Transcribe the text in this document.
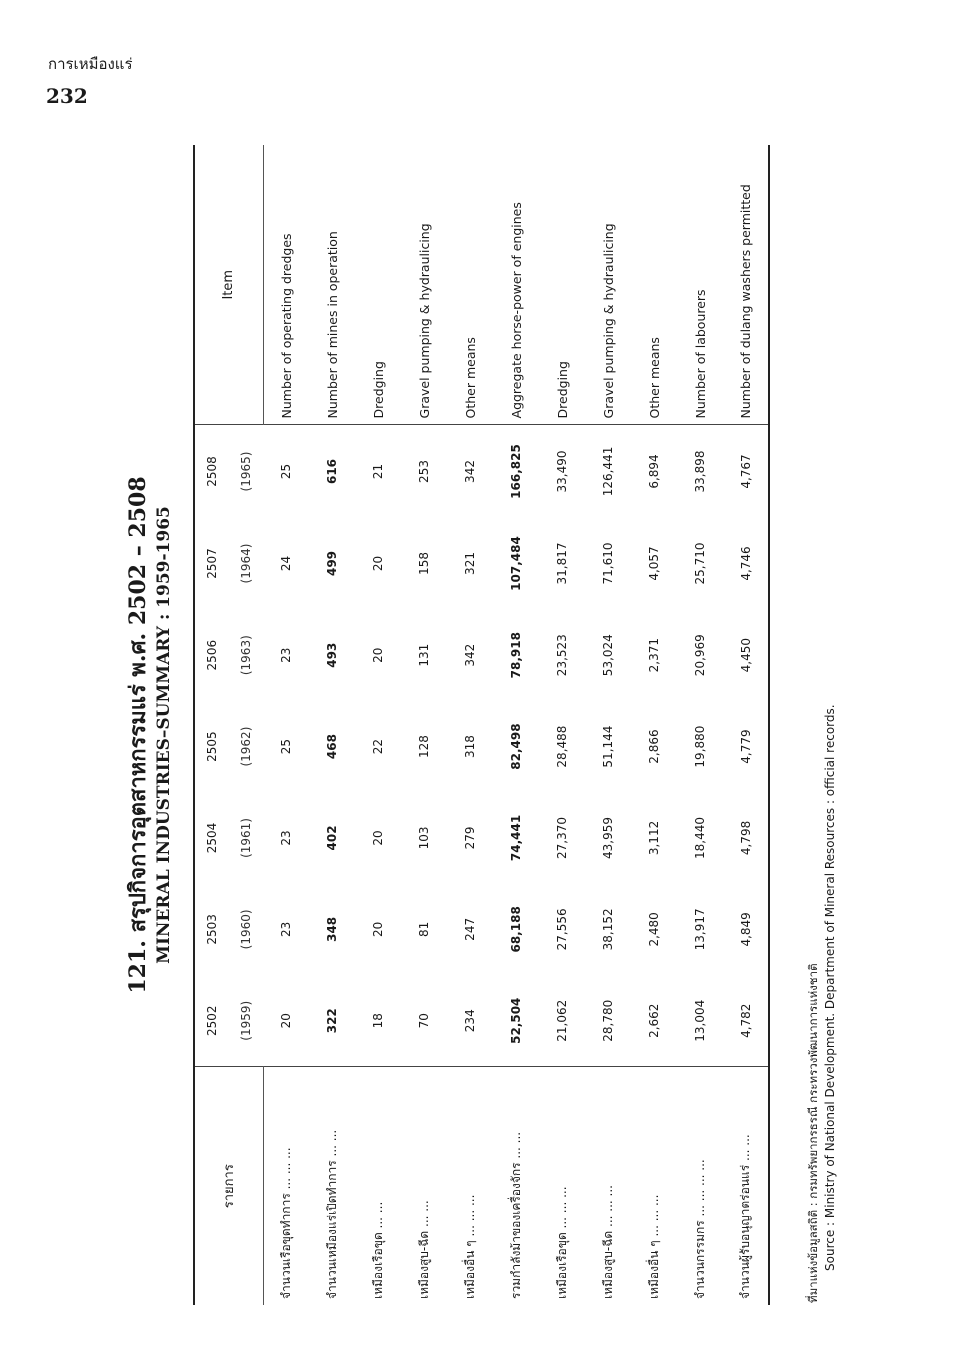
การเหมืองแร่
232
121. สรุปกิจการอุตสาหกรรมแร่ พ.ศ. 2502 – 2508 MINERAL INDUSTRIES–SUMMARY : 1959-1965
รายการ	2502	2503	2504	2505	2506	2507	2508	Item
	(1959)	(1960)	(1961)	(1962)	(1963)	(1964)	(1965)	
จำนวนเรือขุดทำการ ... ... ...	20	23	23	25	23	24	25	Number of operating dredges
จำนวนเหมืองแร่เปิดทำการ ... ...	322	348	402	468	493	499	616	Number of mines in operation
เหมืองเรือขุด ... ...	18	20	20	22	20	20	21	Dredging
เหมืองสูบ-ฉีด ... ...	70	81	103	128	131	158	253	Gravel pumping & hydraulicing
เหมืองอื่น ๆ ... ... ...	234	247	279	318	342	321	342	Other means
รวมกำลังม้าของเครื่องจักร ... ...	52,504	68,188	74,441	82,498	78,918	107,484	166,825	Aggregate horse-power of engines
เหมืองเรือขุด ... ... ...	21,062	27,556	27,370	28,488	23,523	31,817	33,490	Dredging
เหมืองสูบ-ฉีด ... ... ...	28,780	38,152	43,959	51,144	53,024	71,610	126,441	Gravel pumping & hydraulicing
เหมืองอื่น ๆ ... ... ...	2,662	2,480	3,112	2,866	2,371	4,057	6,894	Other means
จำนวนกรรมกร ... ... ... ...	13,004	13,917	18,440	19,880	20,969	25,710	33,898	Number of labourers
จำนวนผู้รับอนุญาตร่อนแร่ ... ...	4,782	4,849	4,798	4,779	4,450	4,746	4,767	Number of dulang washers permitted
ที่มาแห่งข้อมูลสถิติ : กรมทรัพยากรธรณี กระทรวงพัฒนาการแห่งชาติ Source : Ministry of National Development. Department of Mineral Resources : official records.
